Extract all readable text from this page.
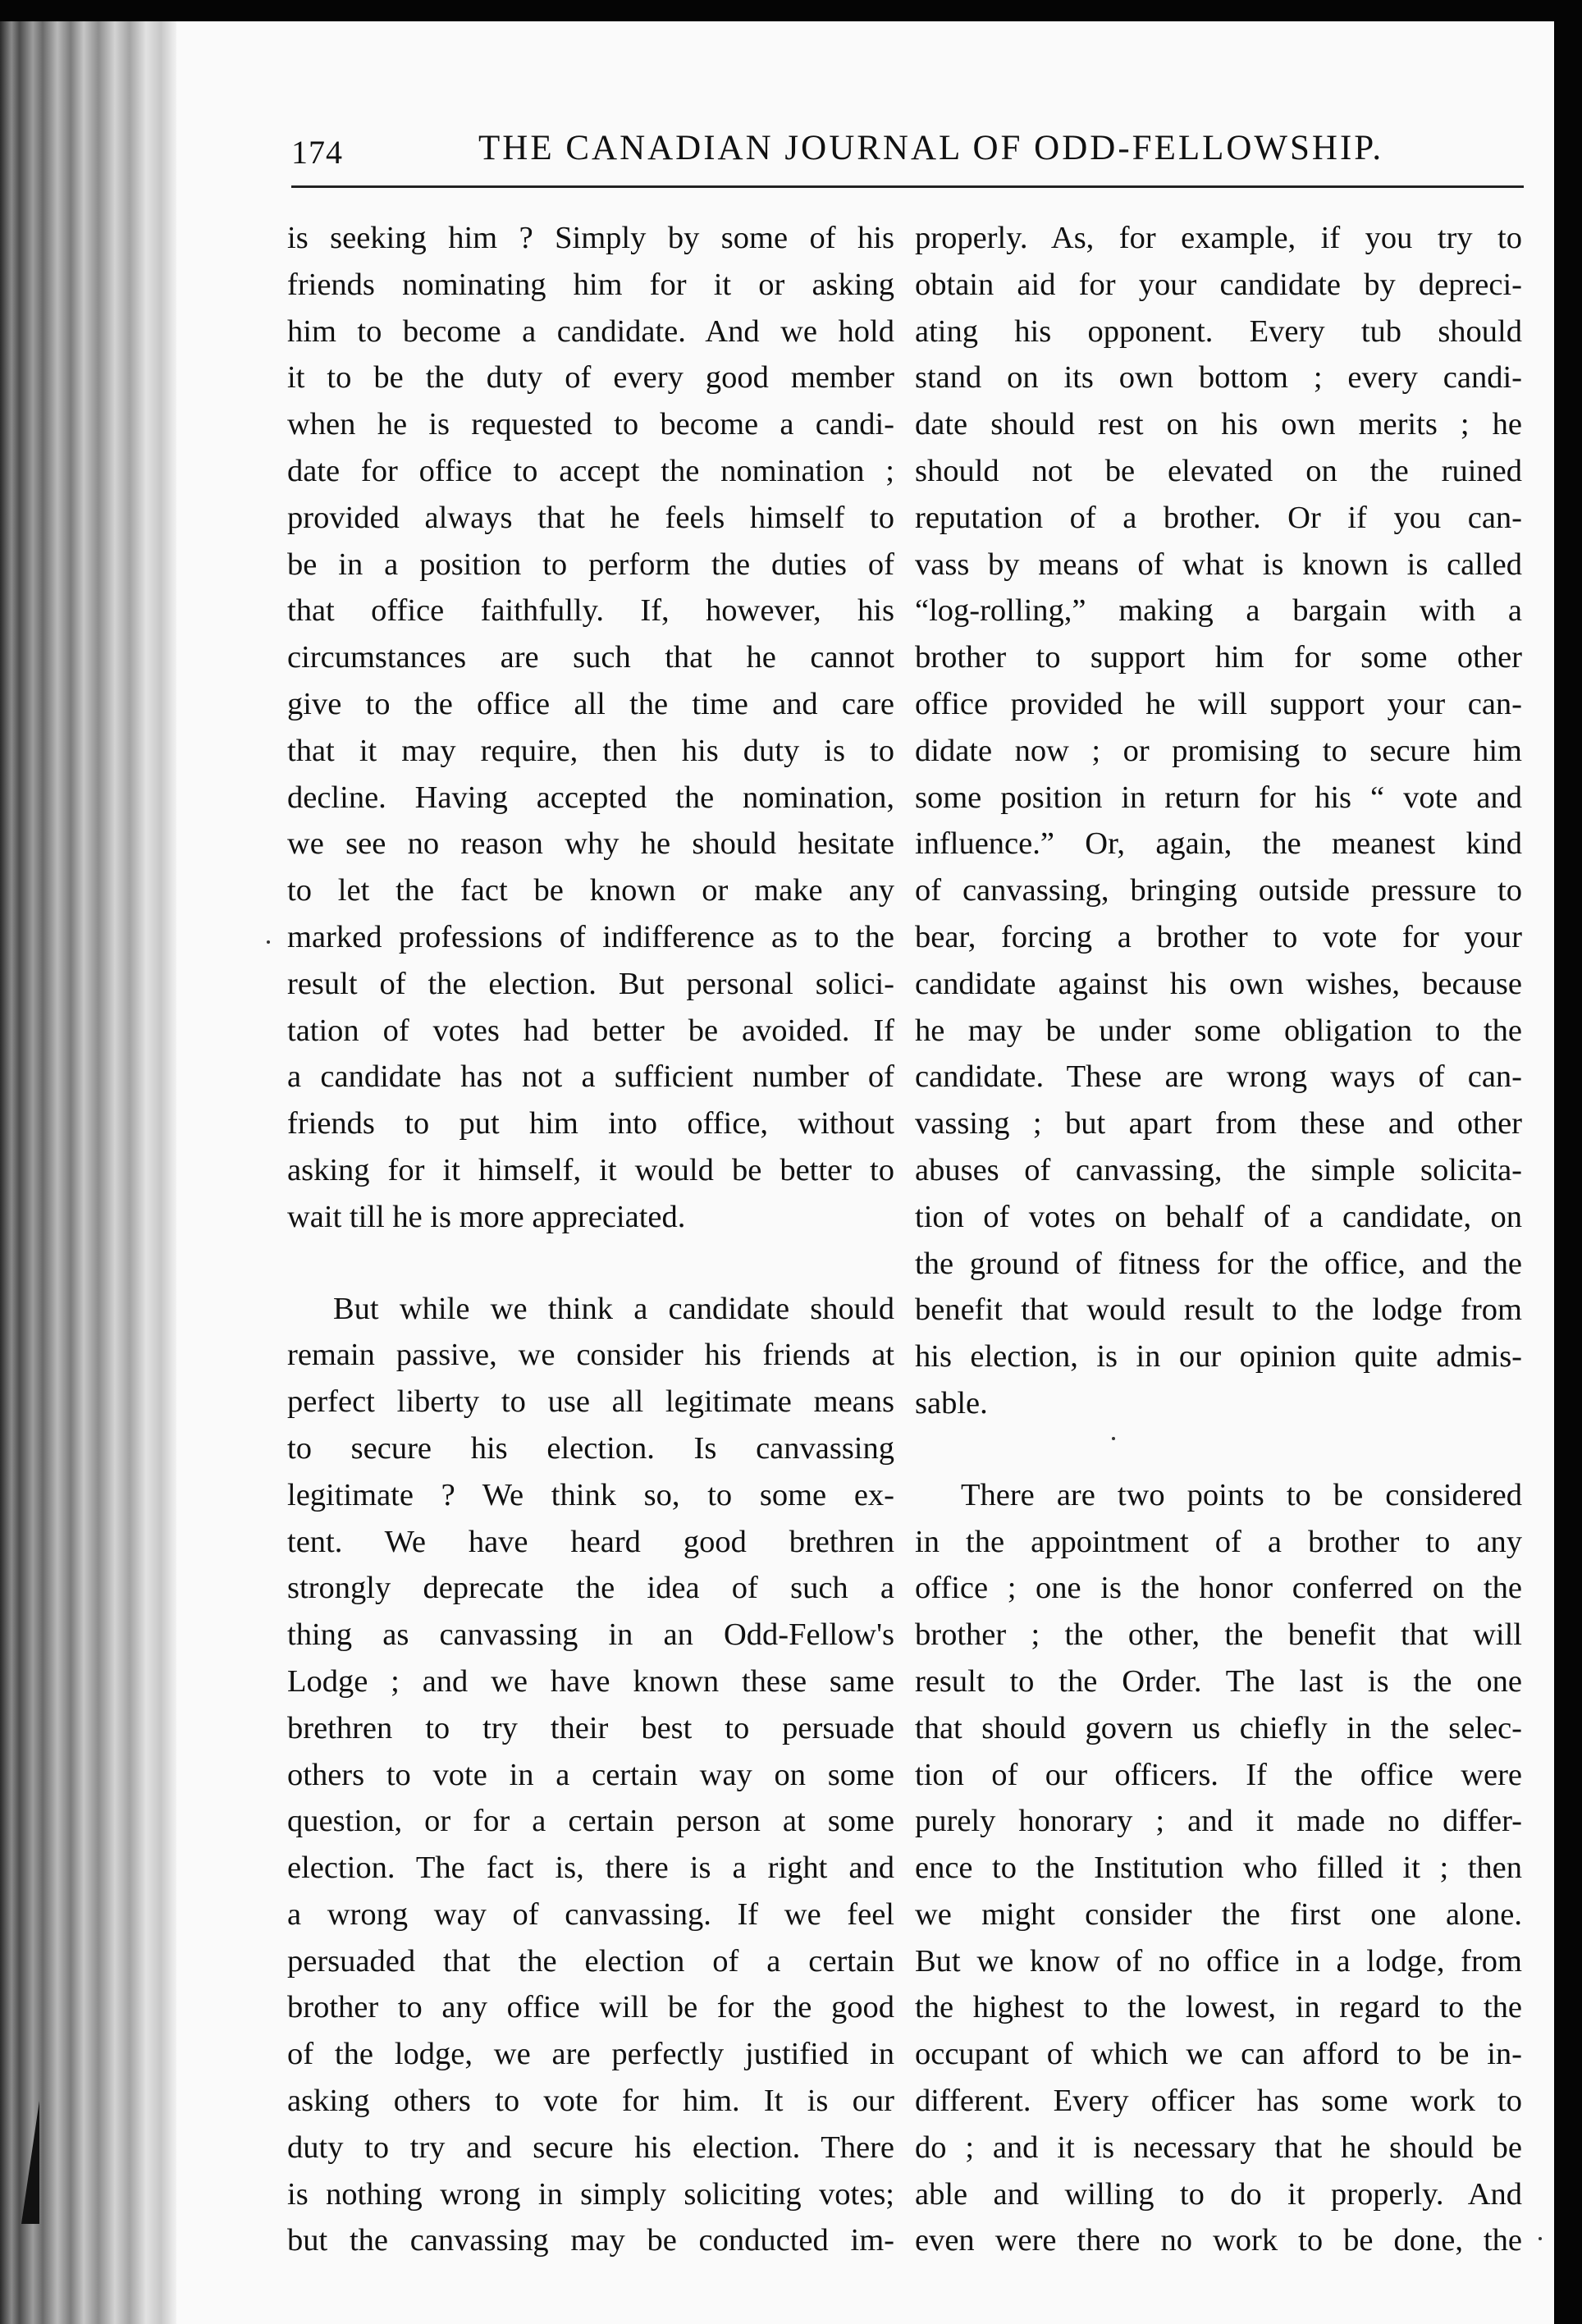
174	THE CANADIAN JOURNAL OF ODD-FELLOWSHIP.
is seeking him ? Simply by some of his
friends nominating him for it or asking
him to become a candidate. And we hold
it to be the duty of every good member
when he is requested to become a candi-
date for office to accept the nomination ;
provided always that he feels himself to
be in a position to perform the duties of
that office faithfully. If, however, his
circumstances are such that he cannot
give to the office all the time and care
that it may require, then his duty is to
decline. Having accepted the nomination,
we see no reason why he should hesitate
to let the fact be known or make any
marked professions of indifference as to the
result of the election. But personal solici-
tation of votes had better be avoided. If
a candidate has not a sufficient number of
friends to put him into office, without
asking for it himself, it would be better to
wait till he is more appreciated.
But while we think a candidate should
remain passive, we consider his friends at
perfect liberty to use all legitimate means
to secure his election. Is canvassing
legitimate ? We think so, to some ex-
tent. We have heard good brethren
strongly deprecate the idea of such a
thing as canvassing in an Odd-Fellow's
Lodge ; and we have known these same
brethren to try their best to persuade
others to vote in a certain way on some
question, or for a certain person at some
election. The fact is, there is a right and
a wrong way of canvassing. If we feel
persuaded that the election of a certain
brother to any office will be for the good
of the lodge, we are perfectly justified in
asking others to vote for him. It is our
duty to try and secure his election. There
is nothing wrong in simply soliciting votes;
but the canvassing may be conducted im-
properly. As, for example, if you try to
obtain aid for your candidate by depreci-
ating his opponent. Every tub should
stand on its own bottom ; every candi-
date should rest on his own merits ; he
should not be elevated on the ruined
reputation of a brother. Or if you can-
vass by means of what is known is called
“log-rolling,” making a bargain with a
brother to support him for some other
office provided he will support your can-
didate now ; or promising to secure him
some position in return for his “ vote and
influence.” Or, again, the meanest kind
of canvassing, bringing outside pressure to
bear, forcing a brother to vote for your
candidate against his own wishes, because
he may be under some obligation to the
candidate. These are wrong ways of can-
vassing ; but apart from these and other
abuses of canvassing, the simple solicita-
tion of votes on behalf of a candidate, on
the ground of fitness for the office, and the
benefit that would result to the lodge from
his election, is in our opinion quite admis-
sable.
There are two points to be considered
in the appointment of a brother to any
office ; one is the honor conferred on the
brother ; the other, the benefit that will
result to the Order. The last is the one
that should govern us chiefly in the selec-
tion of our officers. If the office were
purely honorary ; and it made no differ-
ence to the Institution who filled it ; then
we might consider the first one alone.
But we know of no office in a lodge, from
the highest to the lowest, in regard to the
occupant of which we can afford to be in-
different. Every officer has some work to
do ; and it is necessary that he should be
able and willing to do it properly. And
even were there no work to be done, the
